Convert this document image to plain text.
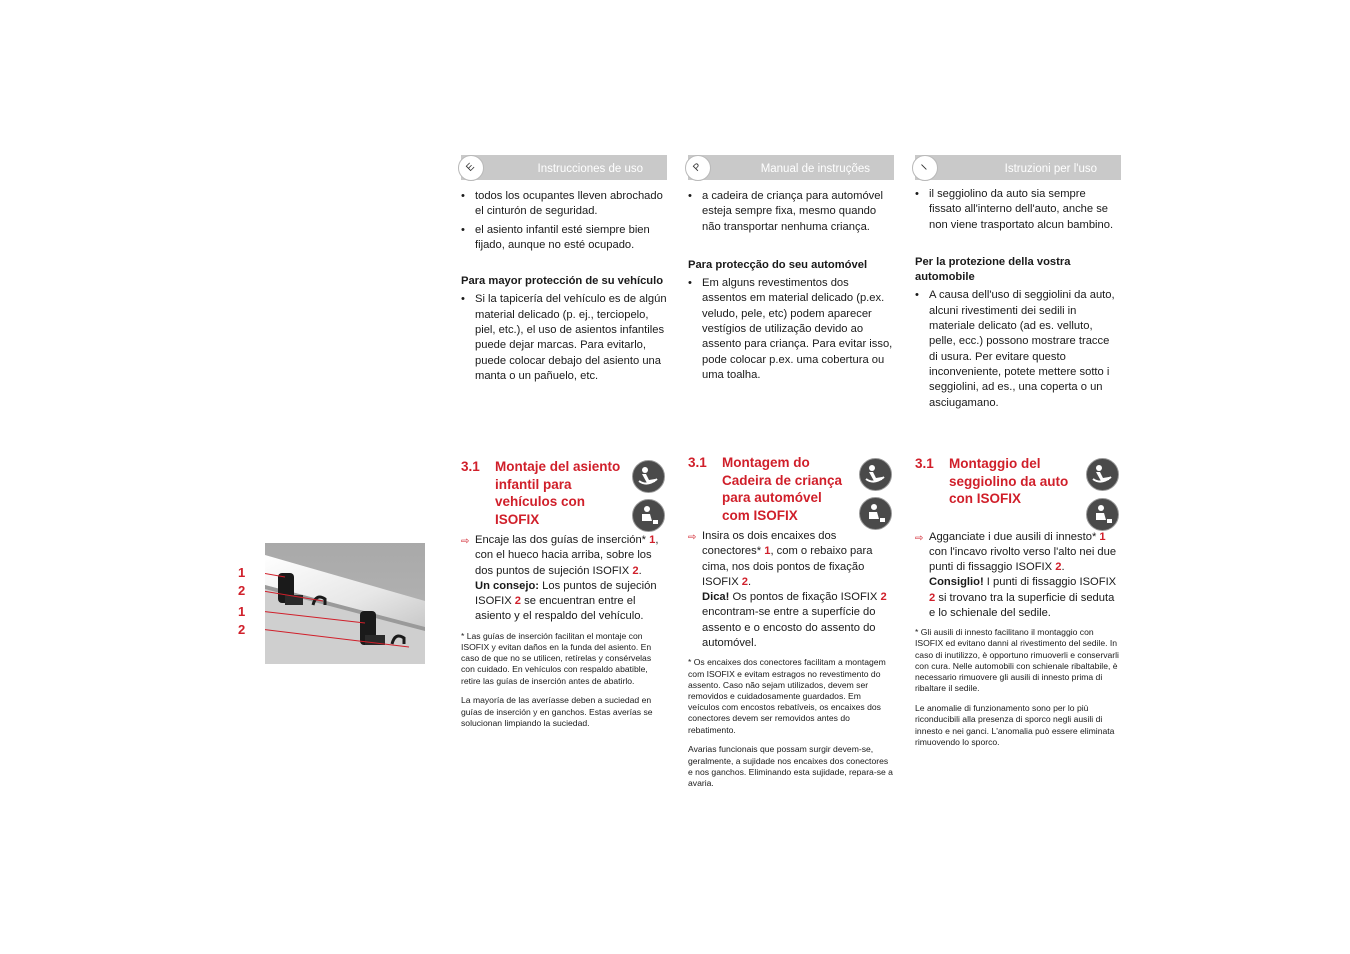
1
2
1
2
E	Instrucciones de uso
• todos los ocupantes lleven abrochado el cinturón de seguridad.
• el asiento infantil esté siempre bien fijado, aunque no esté ocupado.

Para mayor protección de su vehículo

• Si la tapicería del vehículo es de algún material delicado (p. ej., terciopelo, piel, etc.), el uso de asientos infantiles puede dejar marcas. Para evitarlo, puede colocar debajo del asiento una manta o un pañuelo, etc.
3.1	Montaje del asiento infantil para vehículos con ISOFIX
⇨ Encaje las dos guías de inserción* 1, con el hueco hacia arriba, sobre los dos puntos de sujeción ISOFIX 2.
Un consejo: Los puntos de sujeción ISOFIX 2 se encuentran entre el asiento y el respaldo del vehículo.

* Las guías de inserción facilitan el montaje con ISOFIX y evitan daños en la funda del asiento. En caso de que no se utilicen, retírelas y consérvelas con cuidado. En vehículos con respaldo abatible, retire las guías de inserción antes de abatirlo.

La mayoría de las averíasse deben a suciedad en guías de inserción y en ganchos. Estas averías se solucionan limpiando la suciedad.

P	Manual de instruções
• a cadeira de criança para automóvel esteja sempre fixa, mesmo quando não transportar nenhuma criança.

Para protecção do seu automóvel

• Em alguns revestimentos dos assentos em material delicado (p.ex. veludo, pele, etc) podem aparecer vestígios de utilização devido ao assento para criança. Para evitar isso, pode colocar p.ex. uma cobertura ou uma toalha.
3.1	Montagem do Cadeira de criança para automóvel com ISOFIX
⇨ Insira os dois encaixes dos conectores* 1, com o rebaixo para cima, nos dois pontos de fixação ISOFIX 2.
Dica! Os pontos de fixação ISOFIX 2 encontram-se entre a superfície do assento e o encosto do assento do automóvel.

* Os encaixes dos conectores facilitam a montagem com ISOFIX e evitam estragos no revestimento do assento. Caso não sejam utilizados, devem ser removidos e cuidadosamente guardados. Em veículos com encostos rebatíveis, os encaixes dos conectores devem ser removidos antes do rebatimento.

Avarias funcionais que possam surgir devem-se, geralmente, a sujidade nos encaixes dos conectores e nos ganchos. Eliminando esta sujidade, repara-se a avaria.

I	Istruzioni per l'uso
• il seggiolino da auto sia sempre fissato all'interno dell'auto, anche se non viene trasportato alcun bambino.

Per la protezione della vostra automobile

• A causa dell'uso di seggiolini da auto, alcuni rivestimenti dei sedili in materiale delicato (ad es. velluto, pelle, ecc.) possono mostrare tracce di usura. Per evitare questo inconveniente, potete mettere sotto i seggiolini, ad es., una coperta o un asciugamano.
3.1	Montaggio del seggiolino da auto con ISOFIX
⇨ Agganciate i due ausili di innesto* 1 con l'incavo rivolto verso l'alto nei due punti di fissaggio ISOFIX 2.
Consiglio! I punti di fissaggio ISOFIX 2 si trovano tra la superficie di seduta e lo schienale del sedile.

* Gli ausili di innesto facilitano il montaggio con ISOFIX ed evitano danni al rivestimento del sedile. In caso di inutilizzo, è opportuno rimuoverli e conservarli con cura. Nelle automobili con schienale ribaltabile, è necessario rimuovere gli ausili di innesto prima di ribaltare il sedile.

Le anomalie di funzionamento sono per lo più riconducibili alla presenza di sporco negli ausili di innesto e nei ganci. L'anomalia può essere eliminata rimuovendo lo sporco.
